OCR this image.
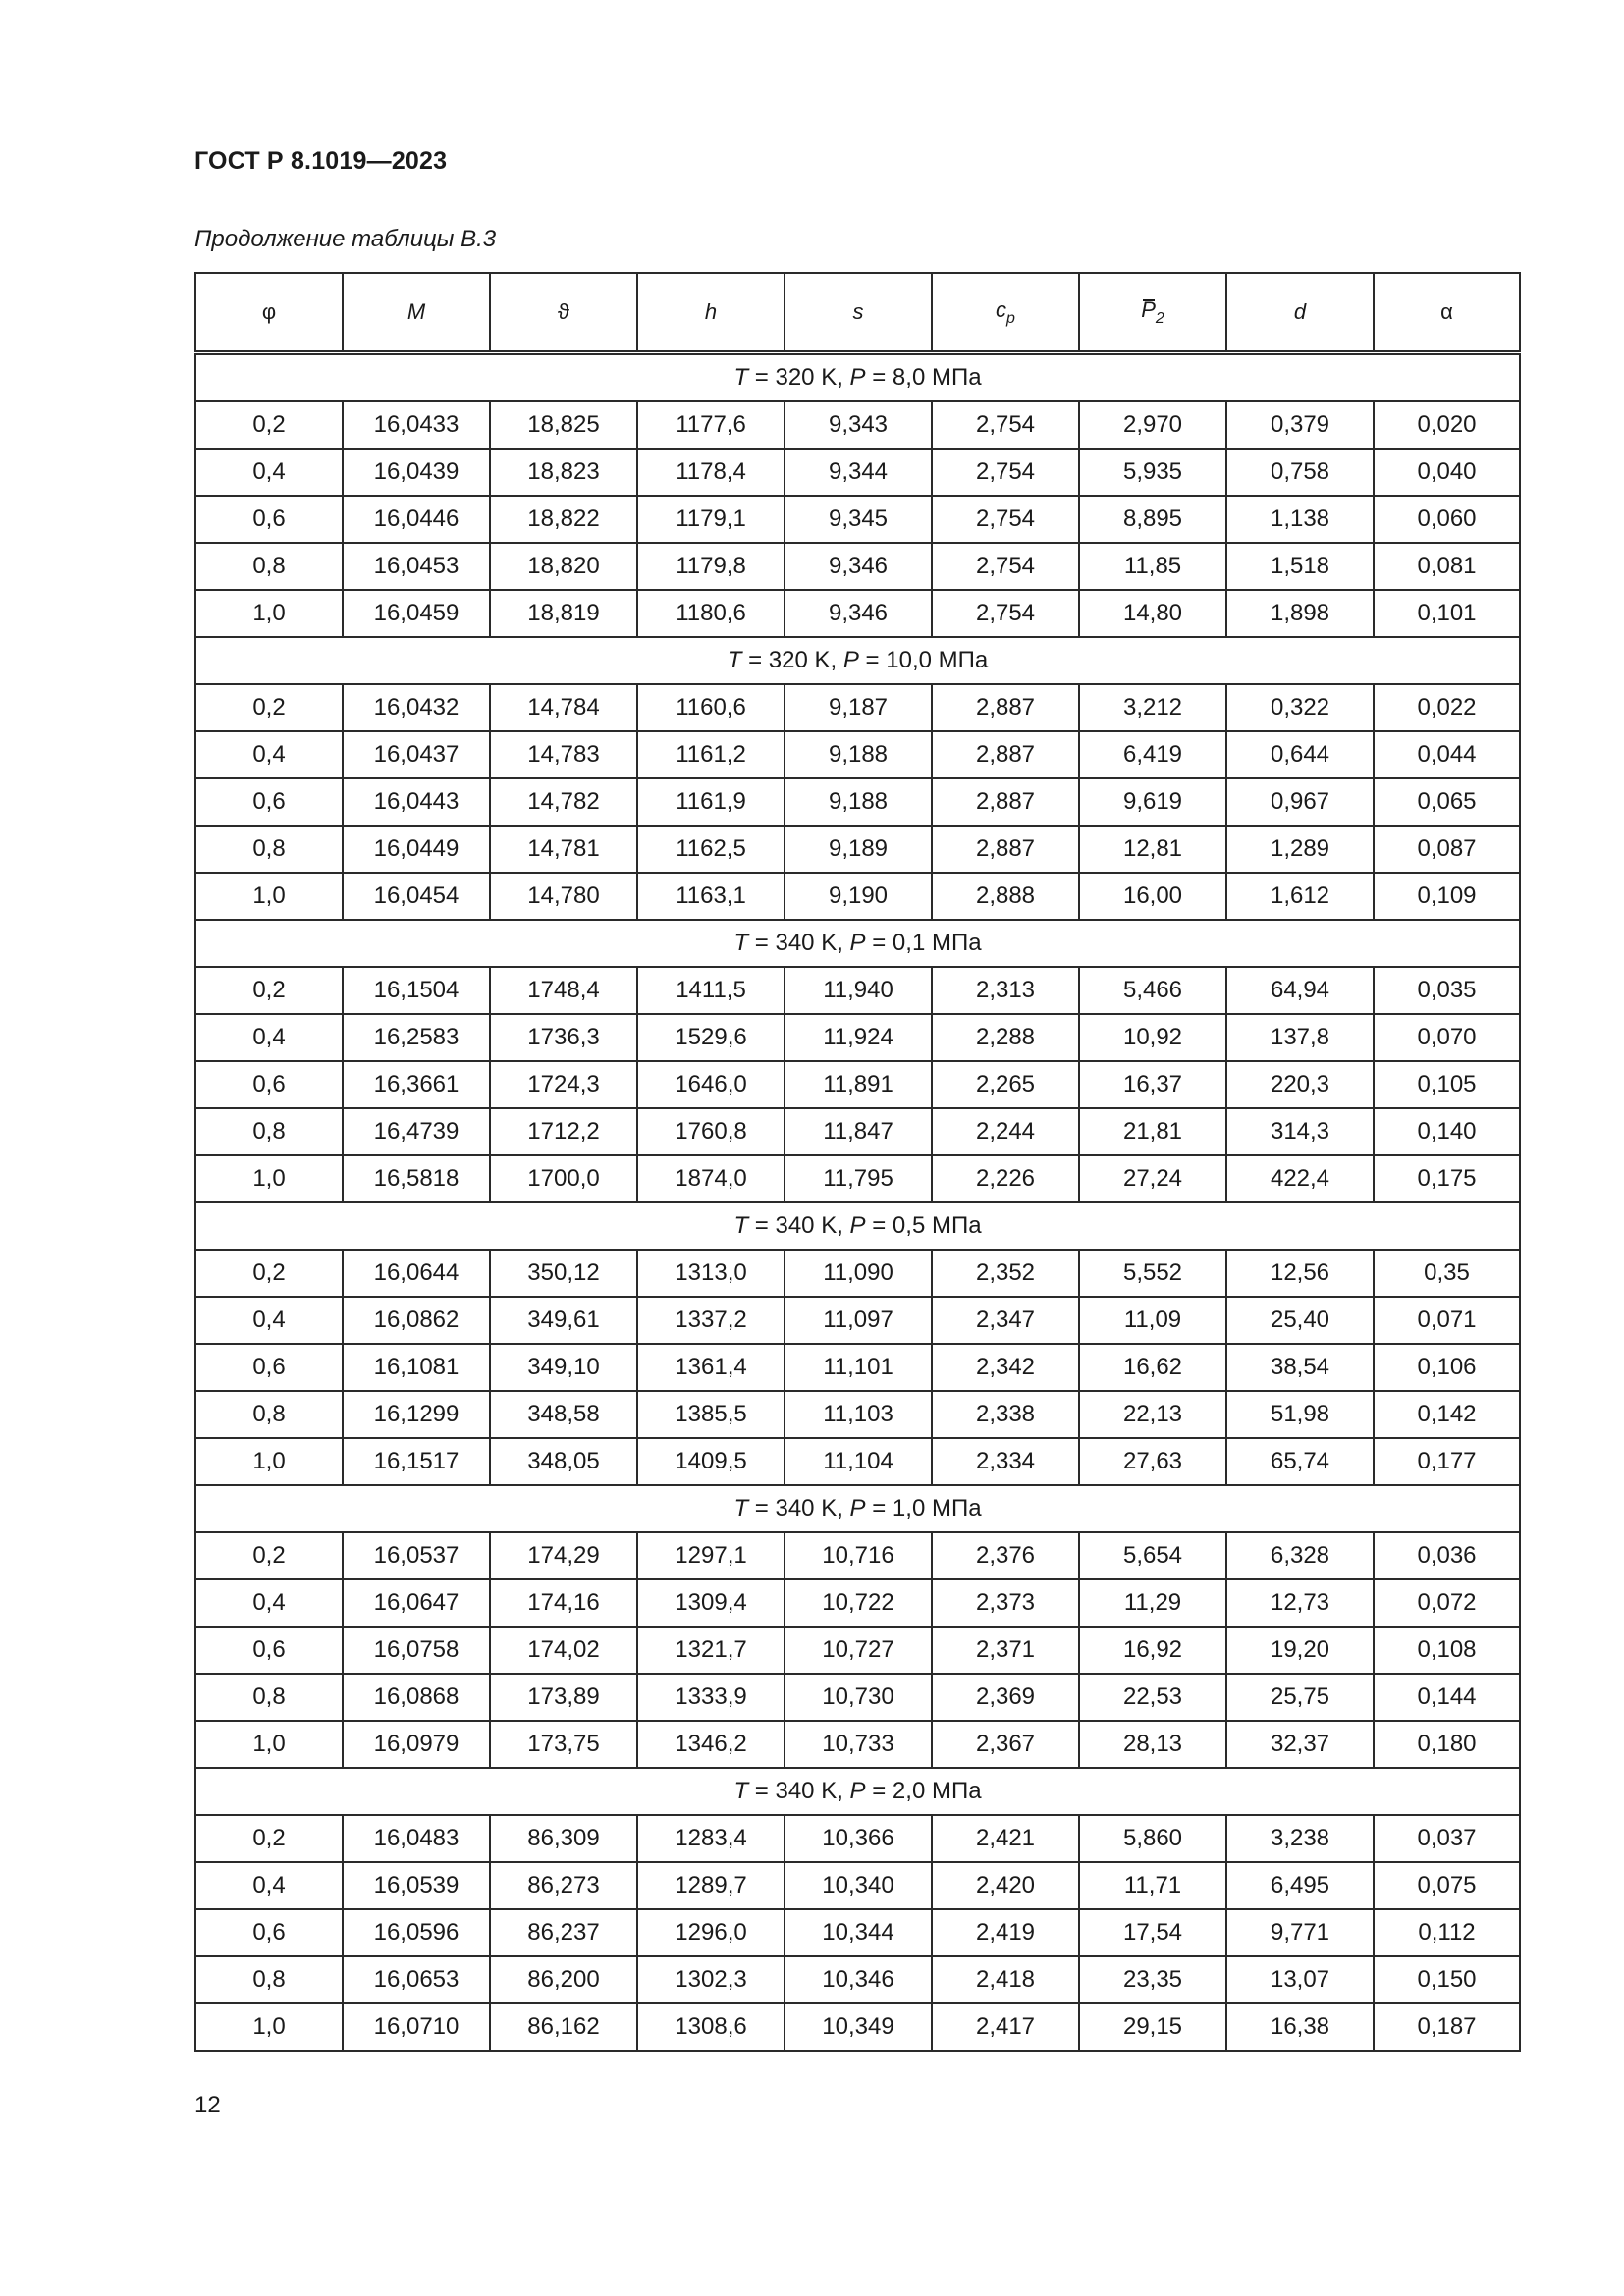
ГОСТ Р 8.1019—2023
Продолжение таблицы В.3
φ	M	ϑ	h	s	$c_p$	$P_2$	d	α
T = 320 K, P = 8,0 МПа								
0,2	16,0433	18,825	1177,6	9,343	2,754	2,970	0,379	0,020
0,4	16,0439	18,823	1178,4	9,344	2,754	5,935	0,758	0,040
0,6	16,0446	18,822	1179,1	9,345	2,754	8,895	1,138	0,060
0,8	16,0453	18,820	1179,8	9,346	2,754	11,85	1,518	0,081
1,0	16,0459	18,819	1180,6	9,346	2,754	14,80	1,898	0,101
T = 320 K, P = 10,0 МПа								
0,2	16,0432	14,784	1160,6	9,187	2,887	3,212	0,322	0,022
0,4	16,0437	14,783	1161,2	9,188	2,887	6,419	0,644	0,044
0,6	16,0443	14,782	1161,9	9,188	2,887	9,619	0,967	0,065
0,8	16,0449	14,781	1162,5	9,189	2,887	12,81	1,289	0,087
1,0	16,0454	14,780	1163,1	9,190	2,888	16,00	1,612	0,109
T = 340 K, P = 0,1 МПа								
0,2	16,1504	1748,4	1411,5	11,940	2,313	5,466	64,94	0,035
0,4	16,2583	1736,3	1529,6	11,924	2,288	10,92	137,8	0,070
0,6	16,3661	1724,3	1646,0	11,891	2,265	16,37	220,3	0,105
0,8	16,4739	1712,2	1760,8	11,847	2,244	21,81	314,3	0,140
1,0	16,5818	1700,0	1874,0	11,795	2,226	27,24	422,4	0,175
T = 340 K, P = 0,5 МПа								
0,2	16,0644	350,12	1313,0	11,090	2,352	5,552	12,56	0,35
0,4	16,0862	349,61	1337,2	11,097	2,347	11,09	25,40	0,071
0,6	16,1081	349,10	1361,4	11,101	2,342	16,62	38,54	0,106
0,8	16,1299	348,58	1385,5	11,103	2,338	22,13	51,98	0,142
1,0	16,1517	348,05	1409,5	11,104	2,334	27,63	65,74	0,177
T = 340 K, P = 1,0 МПа								
0,2	16,0537	174,29	1297,1	10,716	2,376	5,654	6,328	0,036
0,4	16,0647	174,16	1309,4	10,722	2,373	11,29	12,73	0,072
0,6	16,0758	174,02	1321,7	10,727	2,371	16,92	19,20	0,108
0,8	16,0868	173,89	1333,9	10,730	2,369	22,53	25,75	0,144
1,0	16,0979	173,75	1346,2	10,733	2,367	28,13	32,37	0,180
T = 340 K, P = 2,0 МПа								
0,2	16,0483	86,309	1283,4	10,366	2,421	5,860	3,238	0,037
0,4	16,0539	86,273	1289,7	10,340	2,420	11,71	6,495	0,075
0,6	16,0596	86,237	1296,0	10,344	2,419	17,54	9,771	0,112
0,8	16,0653	86,200	1302,3	10,346	2,418	23,35	13,07	0,150
1,0	16,0710	86,162	1308,6	10,349	2,417	29,15	16,38	0,187
12
